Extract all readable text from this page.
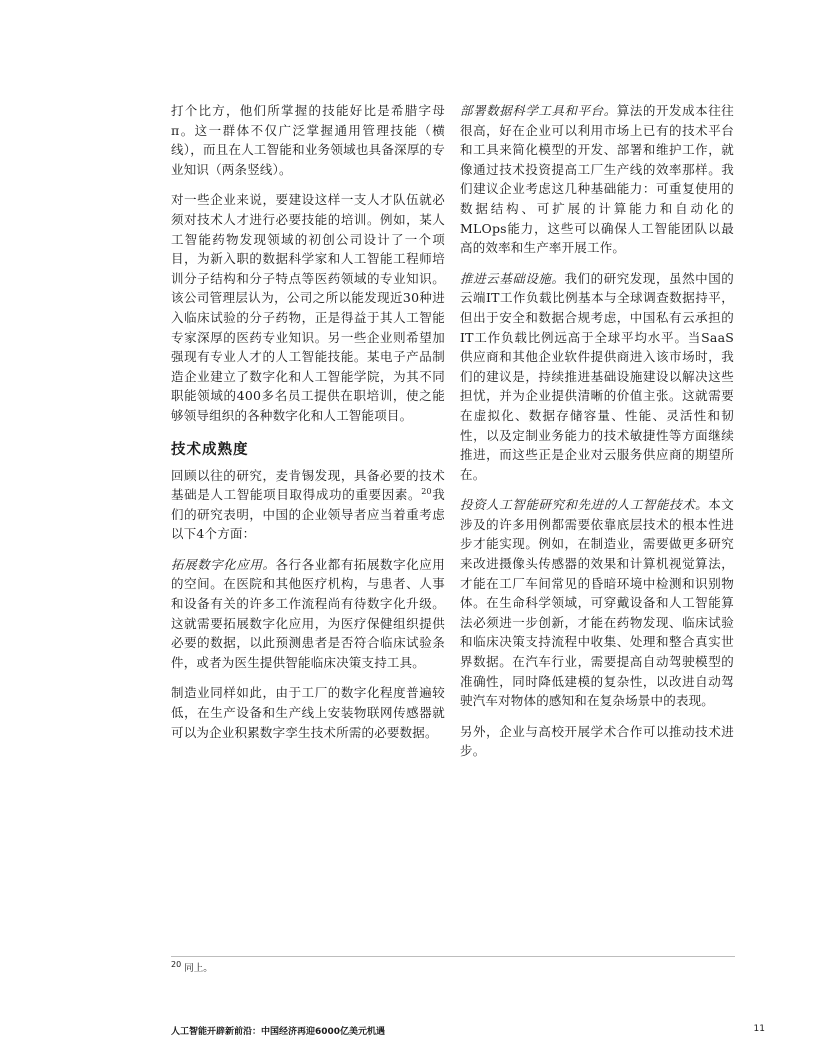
打个比方，他们所掌握的技能好比是希腊字母π。这一群体不仅广泛掌握通用管理技能（横线），而且在人工智能和业务领域也具备深厚的专业知识（两条竖线）。

对一些企业来说，要建设这样一支人才队伍就必须对技术人才进行必要技能的培训。例如，某人工智能药物发现领域的初创公司设计了一个项目，为新入职的数据科学家和人工智能工程师培训分子结构和分子特点等医药领域的专业知识。该公司管理层认为，公司之所以能发现近30种进入临床试验的分子药物，正是得益于其人工智能专家深厚的医药专业知识。另一些企业则希望加强现有专业人才的人工智能技能。某电子产品制造企业建立了数字化和人工智能学院，为其不同职能领域的400多名员工提供在职培训，使之能够领导组织的各种数字化和人工智能项目。

技术成熟度

回顾以往的研究，麦肯锡发现，具备必要的技术基础是人工智能项目取得成功的重要因素。$^{20}$我们的研究表明，中国的企业领导者应当着重考虑以下4个方面：

拓展数字化应用。各行各业都有拓展数字化应用的空间。在医院和其他医疗机构，与患者、人事和设备有关的许多工作流程尚有待数字化升级。这就需要拓展数字化应用，为医疗保健组织提供必要的数据，以此预测患者是否符合临床试验条件，或者为医生提供智能临床决策支持工具。

制造业同样如此，由于工厂的数字化程度普遍较低，在生产设备和生产线上安装物联网传感器就可以为企业积累数字孪生技术所需的必要数据。

部署数据科学工具和平台。算法的开发成本往往很高，好在企业可以利用市场上已有的技术平台和工具来简化模型的开发、部署和维护工作，就像通过技术投资提高工厂生产线的效率那样。我们建议企业考虑这几种基础能力：可重复使用的数据结构、可扩展的计算能力和自动化的MLOps能力，这些可以确保人工智能团队以最高的效率和生产率开展工作。

推进云基础设施。我们的研究发现，虽然中国的云端IT工作负载比例基本与全球调查数据持平，但出于安全和数据合规考虑，中国私有云承担的IT工作负载比例远高于全球平均水平。当SaaS供应商和其他企业软件提供商进入该市场时，我们的建议是，持续推进基础设施建设以解决这些担忧，并为企业提供清晰的价值主张。这就需要在虚拟化、数据存储容量、性能、灵活性和韧性，以及定制业务能力的技术敏捷性等方面继续推进，而这些正是企业对云服务供应商的期望所在。

投资人工智能研究和先进的人工智能技术。本文涉及的许多用例都需要依靠底层技术的根本性进步才能实现。例如，在制造业，需要做更多研究来改进摄像头传感器的效果和计算机视觉算法，才能在工厂车间常见的昏暗环境中检测和识别物体。在生命科学领域，可穿戴设备和人工智能算法必须进一步创新，才能在药物发现、临床试验和临床决策支持流程中收集、处理和整合真实世界数据。在汽车行业，需要提高自动驾驶模型的准确性，同时降低建模的复杂性，以改进自动驾驶汽车对物体的感知和在复杂场景中的表现。

另外，企业与高校开展学术合作可以推动技术进步。

$^{20}$ 同上。
人工智能开辟新前沿：中国经济再迎6000亿美元机遇	11
